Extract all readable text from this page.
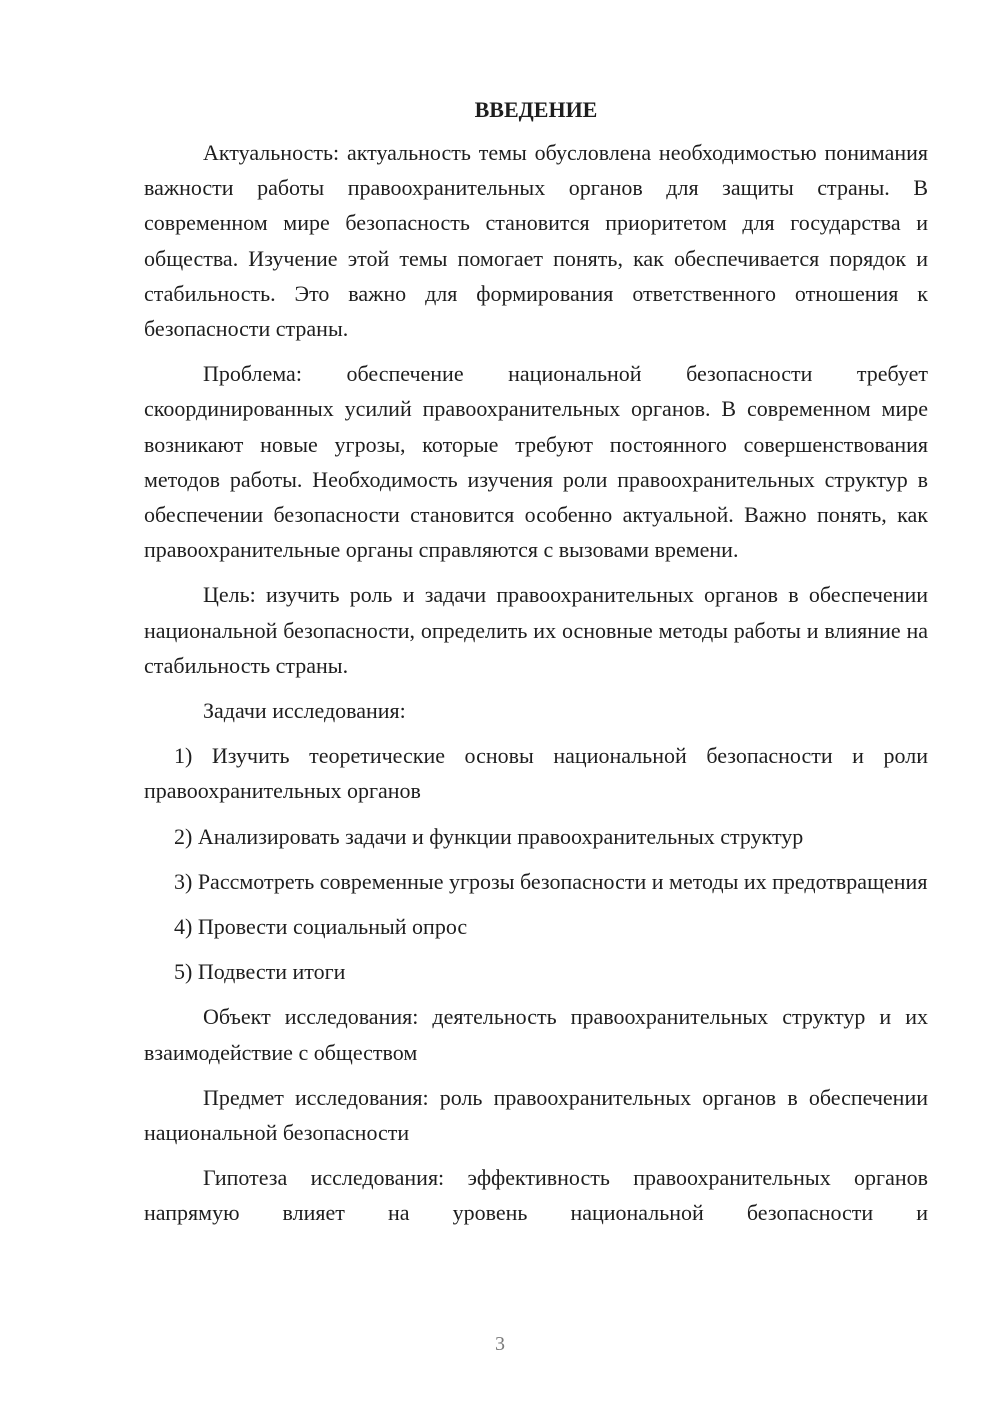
ВВЕДЕНИЕ

Актуальность: актуальность темы обусловлена необходимостью понимания важности работы правоохранительных органов для защиты страны. В современном мире безопасность становится приоритетом для государства и общества. Изучение этой темы помогает понять, как обеспечивается порядок и стабильность. Это важно для формирования ответственного отношения к безопасности страны.

Проблема: обеспечение национальной безопасности требует скоординированных усилий правоохранительных органов. В современном мире возникают новые угрозы, которые требуют постоянного совершенствования методов работы. Необходимость изучения роли правоохранительных структур в обеспечении безопасности становится особенно актуальной. Важно понять, как правоохранительные органы справляются с вызовами времени.

Цель: изучить роль и задачи правоохранительных органов в обеспечении национальной безопасности, определить их основные методы работы и влияние на стабильность страны.

Задачи исследования:

1) Изучить теоретические основы национальной безопасности и роли правоохранительных органов

2) Анализировать задачи и функции правоохранительных структур

3) Рассмотреть современные угрозы безопасности и методы их предотвращения

4) Провести социальный опрос

5) Подвести итоги

Объект исследования: деятельность правоохранительных структур и их взаимодействие с обществом

Предмет исследования: роль правоохранительных органов в обеспечении национальной безопасности

Гипотеза исследования: эффективность правоохранительных органов напрямую влияет на уровень национальной безопасности и

3
